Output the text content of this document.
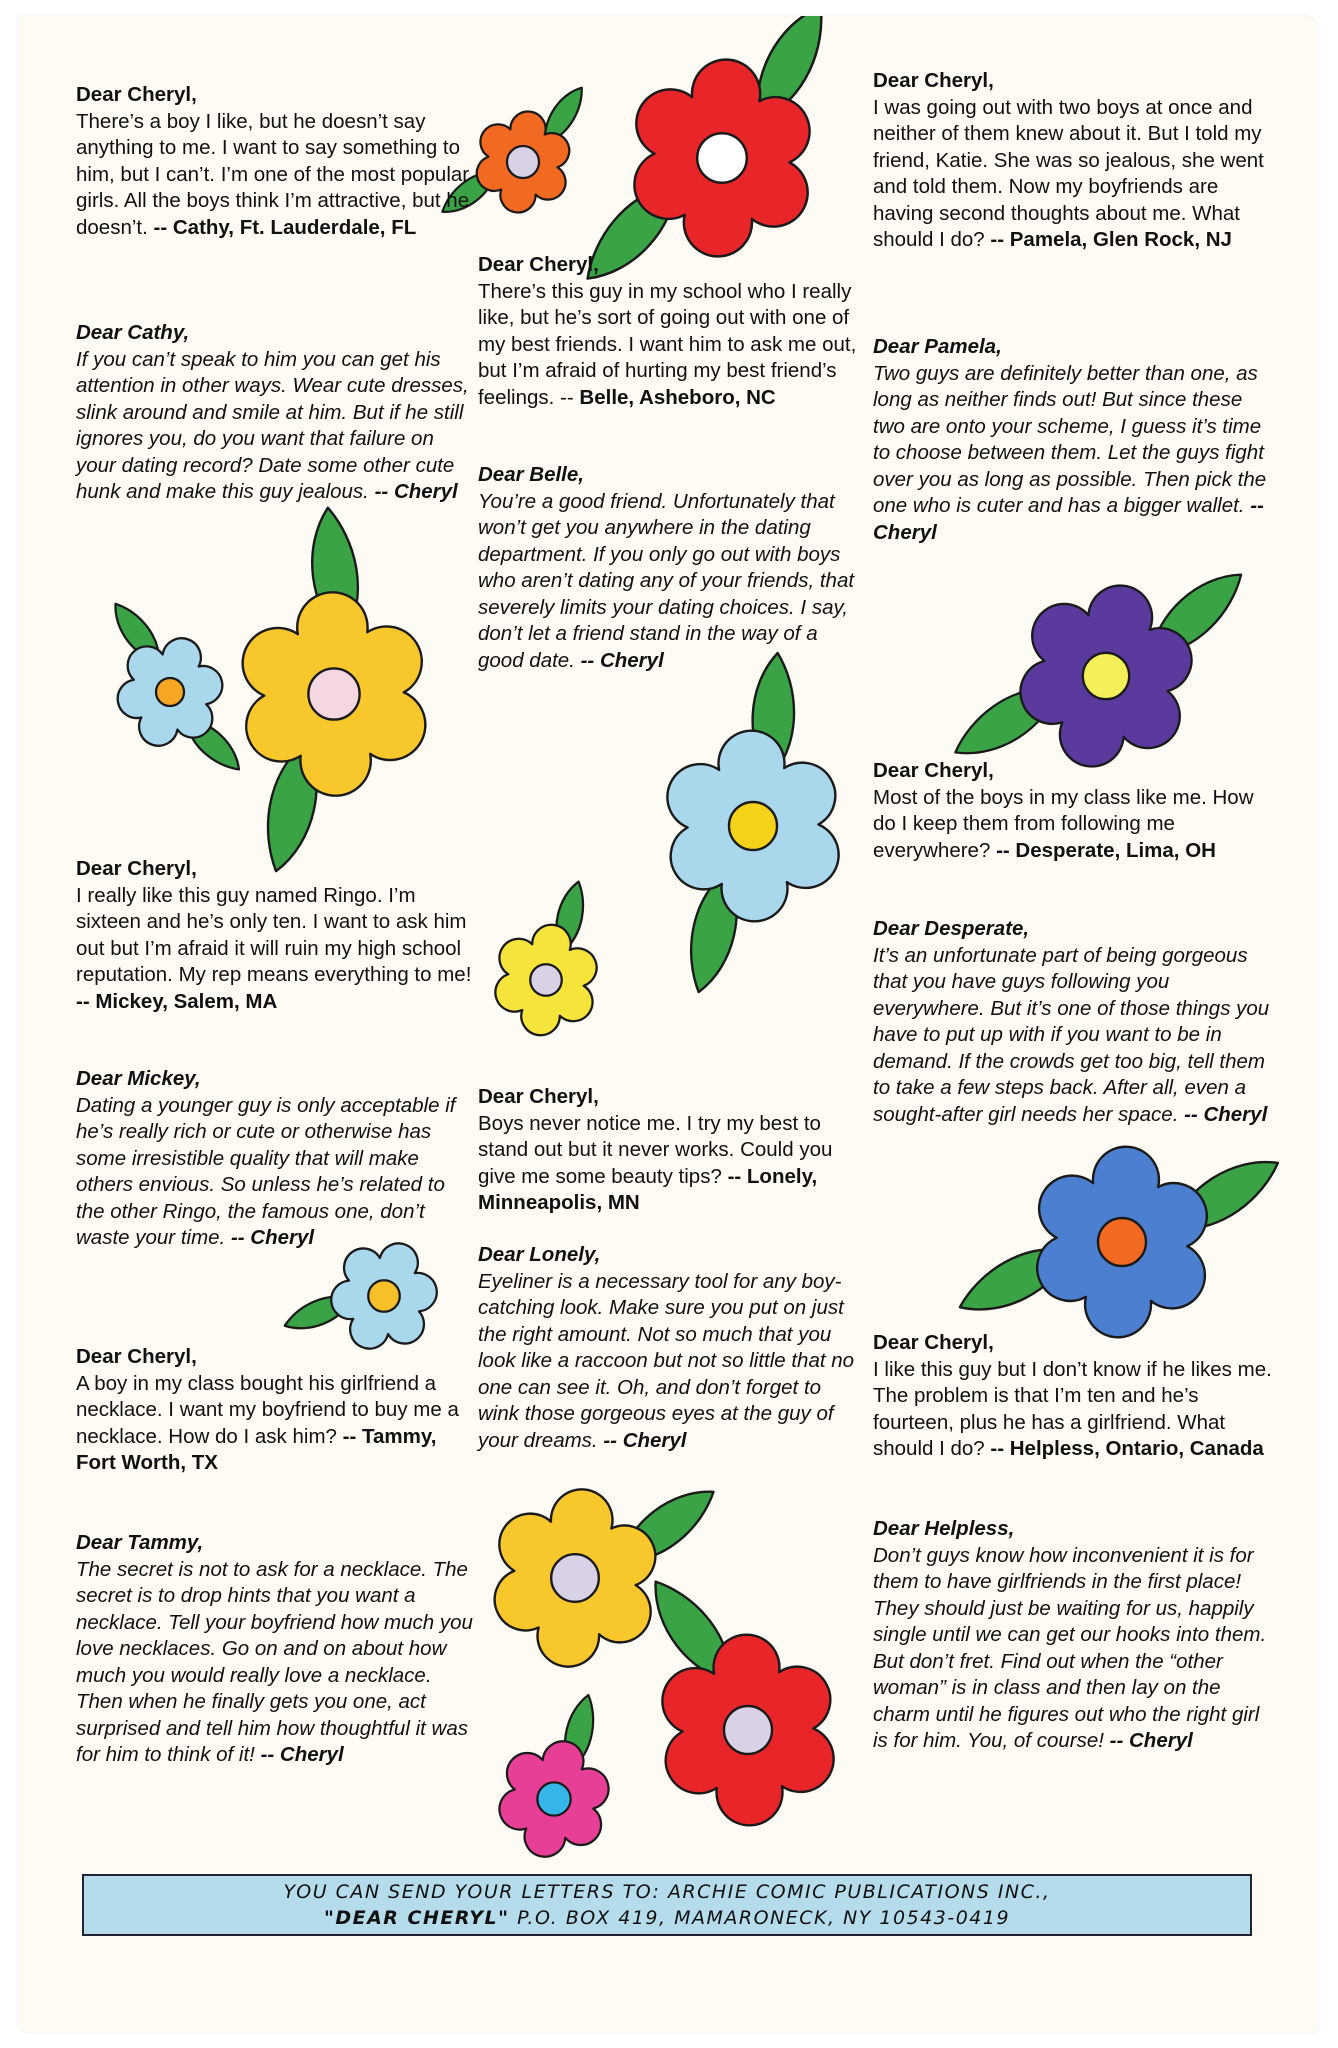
Dear Cheryl,

There’s a boy I like, but he doesn’t say anything to me. I want to say something to him, but I can’t. I’m one of the most popular girls. All the boys think I’m attractive, but he doesn’t. -- Cathy, Ft. Lauderdale, FL

Dear Cathy,

If you can’t speak to him you can get his attention in other ways. Wear cute dresses, slink around and smile at him. But if he still ignores you, do you want that failure on your dating record? Date some other cute hunk and make this guy jealous. -- Cheryl

Dear Cheryl,

I really like this guy named Ringo. I’m sixteen and he’s only ten. I want to ask him out but I’m afraid it will ruin my high school reputation. My rep means everything to me! -- Mickey, Salem, MA

Dear Mickey,

Dating a younger guy is only acceptable if he’s really rich or cute or otherwise has some irresistible quality that will make others envious. So unless he’s related to the other Ringo, the famous one, don’t waste your time. -- Cheryl

Dear Cheryl,

A boy in my class bought his girlfriend a necklace. I want my boyfriend to buy me a necklace. How do I ask him? -- Tammy, Fort Worth, TX

Dear Tammy,

The secret is not to ask for a necklace. The secret is to drop hints that you want a necklace. Tell your boyfriend how much you love necklaces. Go on and on about how much you would really love a necklace. Then when he finally gets you one, act surprised and tell him how thoughtful it was for him to think of it! -- Cheryl

Dear Cheryl,

There’s this guy in my school who I really like, but he’s sort of going out with one of my best friends. I want him to ask me out, but I’m afraid of hurting my best friend’s feelings. -- Belle, Asheboro, NC

Dear Belle,

You’re a good friend. Unfortunately that won’t get you anywhere in the dating department. If you only go out with boys who aren’t dating any of your friends, that severely limits your dating choices. I say, don’t let a friend stand in the way of a good date. -- Cheryl

Dear Cheryl,

Boys never notice me. I try my best to stand out but it never works. Could you give me some beauty tips? -- Lonely, Minneapolis, MN

Dear Lonely,

Eyeliner is a necessary tool for any boy-catching look. Make sure you put on just the right amount. Not so much that you look like a raccoon but not so little that no one can see it. Oh, and don’t forget to wink those gorgeous eyes at the guy of your dreams. -- Cheryl

Dear Cheryl,

I was going out with two boys at once and neither of them knew about it. But I told my friend, Katie. She was so jealous, she went and told them. Now my boyfriends are having second thoughts about me. What should I do? -- Pamela, Glen Rock, NJ

Dear Pamela,

Two guys are definitely better than one, as long as neither finds out! But since these two are onto your scheme, I guess it’s time to choose between them. Let the guys fight over you as long as possible. Then pick the one who is cuter and has a bigger wallet. -- Cheryl

Dear Cheryl,

Most of the boys in my class like me. How do I keep them from following me everywhere? -- Desperate, Lima, OH

Dear Desperate,

It’s an unfortunate part of being gorgeous that you have guys following you everywhere. But it’s one of those things you have to put up with if you want to be in demand. If the crowds get too big, tell them to take a few steps back. After all, even a sought-after girl needs her space. -- Cheryl

Dear Cheryl,

I like this guy but I don’t know if he likes me. The problem is that I’m ten and he’s fourteen, plus he has a girlfriend. What should I do? -- Helpless, Ontario, Canada

Dear Helpless,

Don’t guys know how inconvenient it is for them to have girlfriends in the first place! They should just be waiting for us, happily single until we can get our hooks into them. But don’t fret. Find out when the “other woman” is in class and then lay on the charm until he figures out who the right girl is for him. You, of course! -- Cheryl

YOU CAN SEND YOUR LETTERS TO: ARCHIE COMIC PUBLICATIONS INC.,
"DEAR CHERYL" P.O. BOX 419, MAMARONECK, NY 10543-0419
